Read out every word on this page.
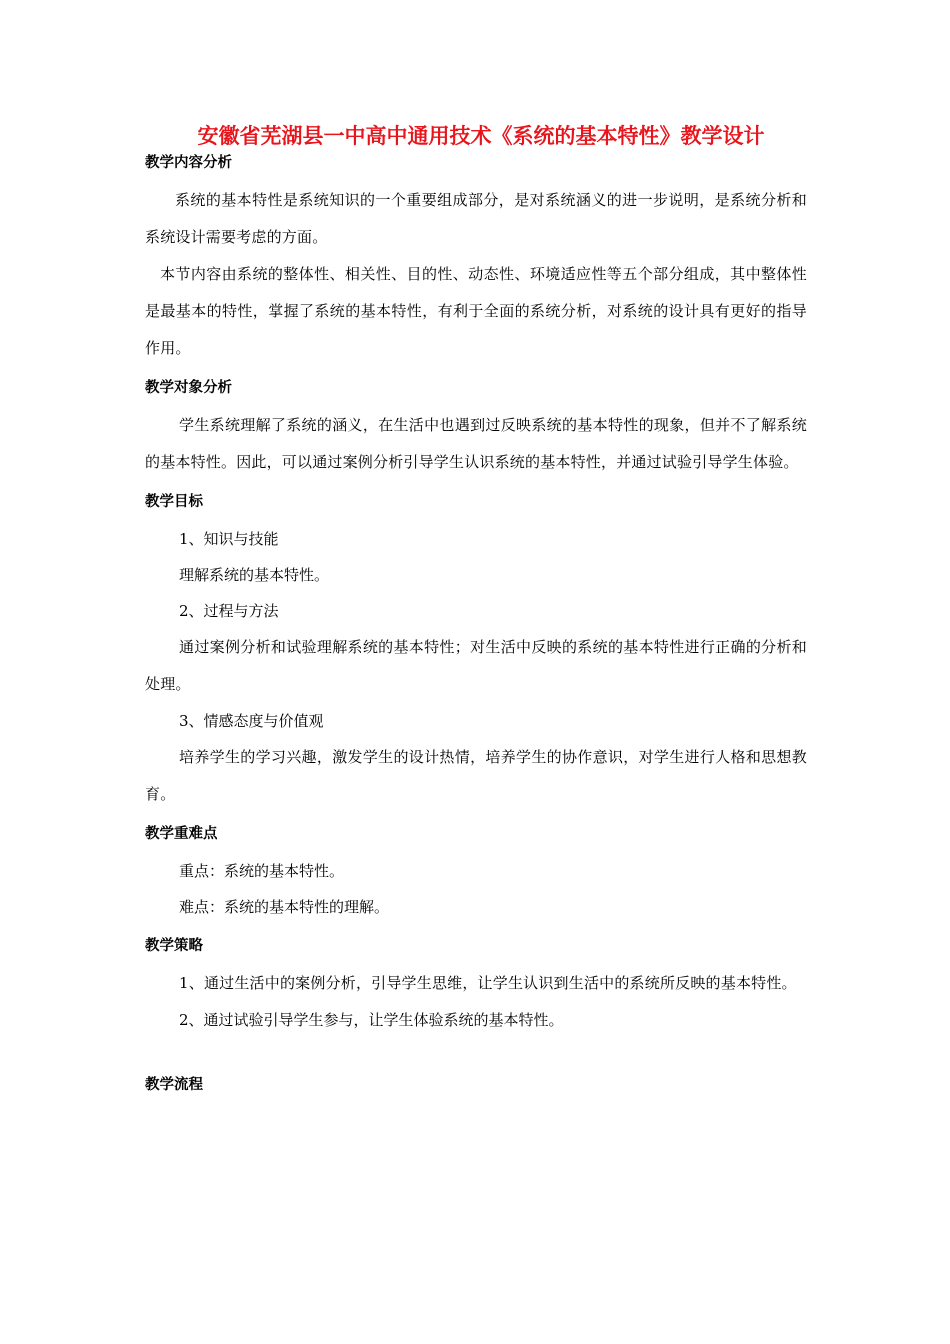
安徽省芜湖县一中高中通用技术《系统的基本特性》教学设计
教学内容分析

系统的基本特性是系统知识的一个重要组成部分，是对系统涵义的进一步说明，是系统分析和系统设计需要考虑的方面。

本节内容由系统的整体性、相关性、目的性、动态性、环境适应性等五个部分组成，其中整体性是最基本的特性，掌握了系统的基本特性，有利于全面的系统分析，对系统的设计具有更好的指导作用。

教学对象分析

学生系统理解了系统的涵义，在生活中也遇到过反映系统的基本特性的现象，但并不了解系统的基本特性。因此，可以通过案例分析引导学生认识系统的基本特性，并通过试验引导学生体验。

教学目标

1、知识与技能

理解系统的基本特性。

2、过程与方法

通过案例分析和试验理解系统的基本特性；对生活中反映的系统的基本特性进行正确的分析和处理。

3、情感态度与价值观

培养学生的学习兴趣，激发学生的设计热情，培养学生的协作意识，对学生进行人格和思想教育。

教学重难点

重点：系统的基本特性。

难点：系统的基本特性的理解。

教学策略

1、通过生活中的案例分析，引导学生思维，让学生认识到生活中的系统所反映的基本特性。

2、通过试验引导学生参与，让学生体验系统的基本特性。

教学流程
